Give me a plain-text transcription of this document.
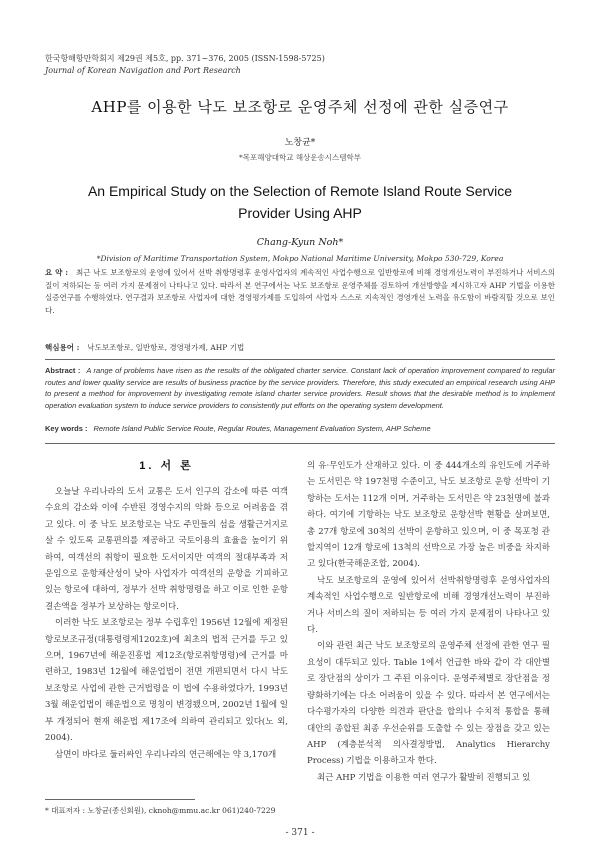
한국항해항만학회지 제29권 제5호, pp. 371~376, 2005 (ISSN-1598-5725)
Journal of Korean Navigation and Port Research
AHP를 이용한 낙도 보조항로 운영주체 선정에 관한 실증연구
노창균*
*목포해양대학교 해상운송시스템학부
An Empirical Study on the Selection of Remote Island Route Service Provider Using AHP
Chang-Kyun Noh*
*Division of Maritime Transportation System, Mokpo National Maritime University, Mokpo 530-729, Korea
요 약 : 최근 낙도 보조항로의 운영에 있어서 선박 취항명령후 운영사업자의 계속적인 사업수행으로 일반항로에 비해 경영개선노력이 부진하거나 서비스의 질이 저하되는 등 여러 가지 문제점이 나타나고 있다. 따라서 본 연구에서는 낙도 보조항로 운영주체를 검토하여 개선방향을 제시하고자 AHP 기법을 이용한 실증연구를 수행하였다. 연구결과 보조항로 사업자에 대한 경영평가제를 도입하여 사업자 스스로 지속적인 경영개선 노력을 유도함이 바람직할 것으로 보인다.
핵심용어 : 낙도보조항로, 일반항로, 경영평가제, AHP 기법
Abstract : A range of problems have risen as the results of the obligated charter service. Constant lack of operation improvement compared to regular routes and lower quality service are results of business practice by the service providers. Therefore, this study executed an empirical research using AHP to present a method for improvement by investigating remote island charter service providers. Result shows that the desirable method is to implement operation evaluation system to induce service providers to consistently put efforts on the operating system development.
Key words : Remote Island Public Service Route, Regular Routes, Management Evaluation System, AHP Scheme
1. 서 론

오늘날 우리나라의 도서 교통은 도서 인구의 감소에 따른 여객수요의 감소와 이에 수반된 경영수지의 악화 등으로 어려움을 겪고 있다. 이 중 낙도 보조항로는 낙도 주민들의 섬을 생활근거지로 살 수 있도록 교통편의를 제공하고 국토이용의 효율을 높이기 위하여, 여객선의 취항이 필요한 도서이지만 여객의 절대부족과 저운임으로 운항채산성이 낮아 사업자가 여객선의 운항을 기피하고 있는 항로에 대하여, 정부가 선박 취항명령을 하고 이로 인한 운항결손액을 정부가 보상하는 항로이다.

이러한 낙도 보조항로는 정부 수립후인 1956년 12월에 제정된 항로보조규정(대통령령제1202호)에 최초의 법적 근거를 두고 있으며, 1967년에 해운진흥법 제12조(항로취항명령)에 근거를 마련하고, 1983년 12월에 해운업법이 전면 개편되면서 다시 낙도 보조항로 사업에 관한 근거법령을 이 법에 수용하였다가, 1993년 3월 해운업법이 해운법으로 명칭이 변경됐으며, 2002년 1월에 일부 개정되어 현재 해운법 제17조에 의하여 관리되고 있다(노 외, 2004).

삼면이 바다로 둘러싸인 우리나라의 연근해에는 약 3,170개

의 유·무인도가 산재하고 있다. 이 중 444개소의 유인도에 거주하는 도서민은 약 197천명 수준이고, 낙도 보조항로 운항 선박이 기항하는 도서는 112개 이며, 거주하는 도서민은 약 23천명에 불과하다. 여기에 기항하는 낙도 보조항로 운항선박 현황을 살펴보면, 총 27개 항로에 30척의 선박이 운항하고 있으며, 이 중 목포청 관할지역이 12개 항로에 13척의 선박으로 가장 높은 비중을 차지하고 있다(한국해운조합, 2004).

낙도 보조항로의 운영에 있어서 선박취항명령후 운영사업자의 계속적인 사업수행으로 일반항로에 비해 경영개선노력이 부진하거나 서비스의 질이 저하되는 등 여러 가지 문제점이 나타나고 있다.

이와 관련 최근 낙도 보조항로의 운영주체 선정에 관한 연구 필요성이 대두되고 있다. Table 1에서 언급한 바와 같이 각 대안별로 장단점의 상이가 그 주된 이유이다. 운영주체별로 장단점을 정량화하기에는 다소 어려움이 있을 수 있다. 따라서 본 연구에서는 다수평가자의 다양한 의견과 판단을 합의나 수치적 통합을 통해 대안의 종합된 최종 우선순위를 도출할 수 있는 장점을 갖고 있는 AHP (계층분석적 의사결정방법, Analytics Hierarchy Process) 기법을 이용하고자 한다.

최근 AHP 기법을 이용한 여러 연구가 활발히 진행되고 있

* 대표저자 : 노창균(종신회원), cknoh@mmu.ac.kr 061)240-7229
- 371 -
